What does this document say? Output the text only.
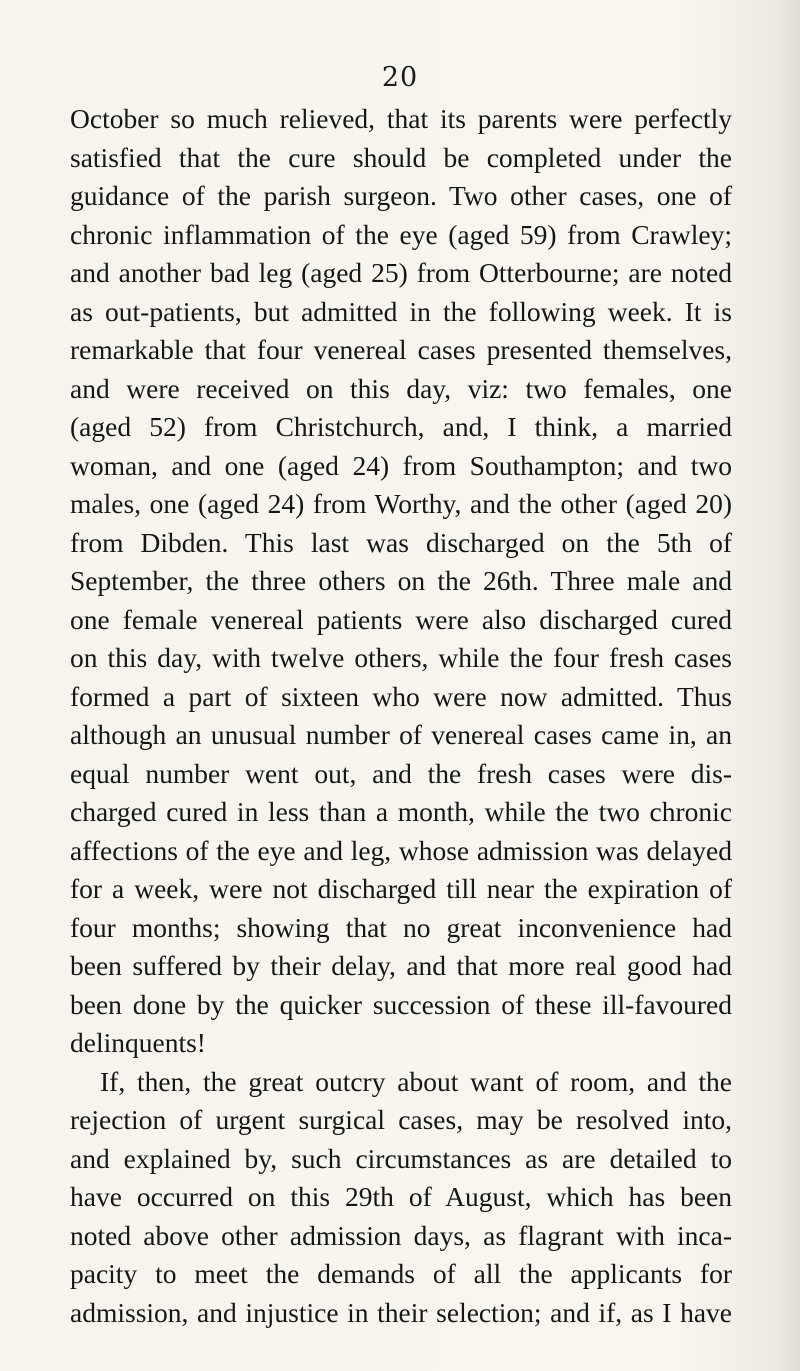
20
October so much relieved, that its parents were perfectly
satisfied that the cure should be completed under the
guidance of the parish surgeon. Two other cases, one of
chronic inflammation of the eye (aged 59) from Crawley;
and another bad leg (aged 25) from Otterbourne; are noted
as out-patients, but admitted in the following week. It is
remarkable that four venereal cases presented themselves,
and were received on this day, viz: two females, one
(aged 52) from Christchurch, and, I think, a married
woman, and one (aged 24) from Southampton; and two
males, one (aged 24) from Worthy, and the other (aged 20)
from Dibden. This last was discharged on the 5th of
September, the three others on the 26th. Three male and
one female venereal patients were also discharged cured
on this day, with twelve others, while the four fresh cases
formed a part of sixteen who were now admitted. Thus
although an unusual number of venereal cases came in, an
equal number went out, and the fresh cases were dis-
charged cured in less than a month, while the two chronic
affections of the eye and leg, whose admission was delayed
for a week, were not discharged till near the expiration of
four months; showing that no great inconvenience had
been suffered by their delay, and that more real good had
been done by the quicker succession of these ill-favoured
delinquents!
If, then, the great outcry about want of room, and the
rejection of urgent surgical cases, may be resolved into,
and explained by, such circumstances as are detailed to
have occurred on this 29th of August, which has been
noted above other admission days, as flagrant with inca-
pacity to meet the demands of all the applicants for
admission, and injustice in their selection; and if, as I have
